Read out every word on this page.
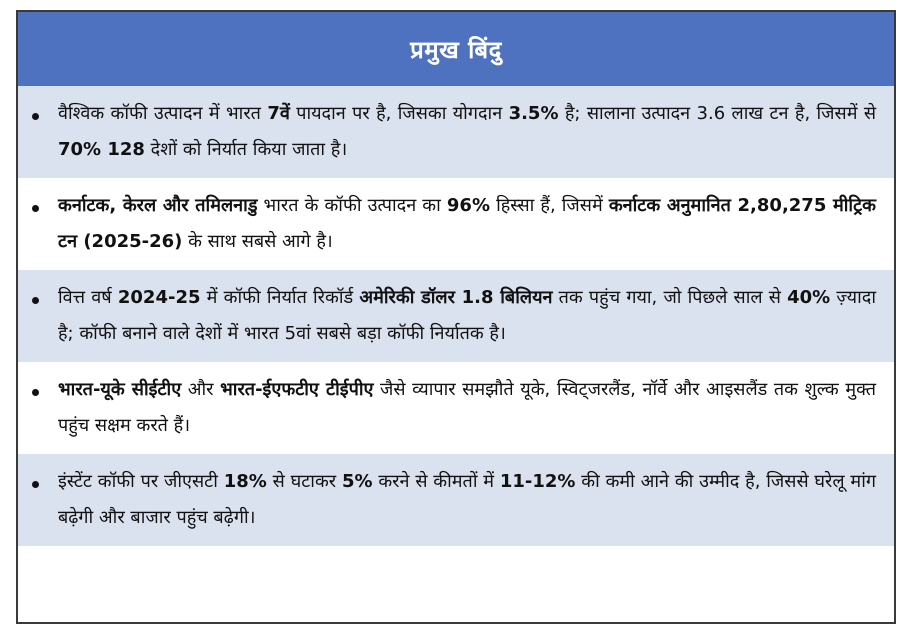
प्रमुख बिंदु
वैश्विक कॉफी उत्पादन में भारत 7वें पायदान पर है, जिसका योगदान 3.5% है; सालाना उत्पादन 3.6 लाख टन है, जिसमें से 70% 128 देशों को निर्यात किया जाता है।
कर्नाटक, केरल और तमिलनाडु भारत के कॉफी उत्पादन का 96% हिस्सा हैं, जिसमें कर्नाटक अनुमानित 2,80,275 मीट्रिक टन (2025-26) के साथ सबसे आगे है।
वित्त वर्ष 2024-25 में कॉफी निर्यात रिकॉर्ड अमेरिकी डॉलर 1.8 बिलियन तक पहुंच गया, जो पिछले साल से 40% ज़्यादा है; कॉफी बनाने वाले देशों में भारत 5वां सबसे बड़ा कॉफी निर्यातक है।
भारत-यूके सीईटीए और भारत-ईएफटीए टीईपीए जैसे व्यापार समझौते यूके, स्विट्जरलैंड, नॉर्वे और आइसलैंड तक शुल्क मुक्त पहुंच सक्षम करते हैं।
इंस्टेंट कॉफी पर जीएसटी 18% से घटाकर 5% करने से कीमतों में 11-12% की कमी आने की उम्मीद है, जिससे घरेलू मांग बढ़ेगी और बाजार पहुंच बढ़ेगी।
